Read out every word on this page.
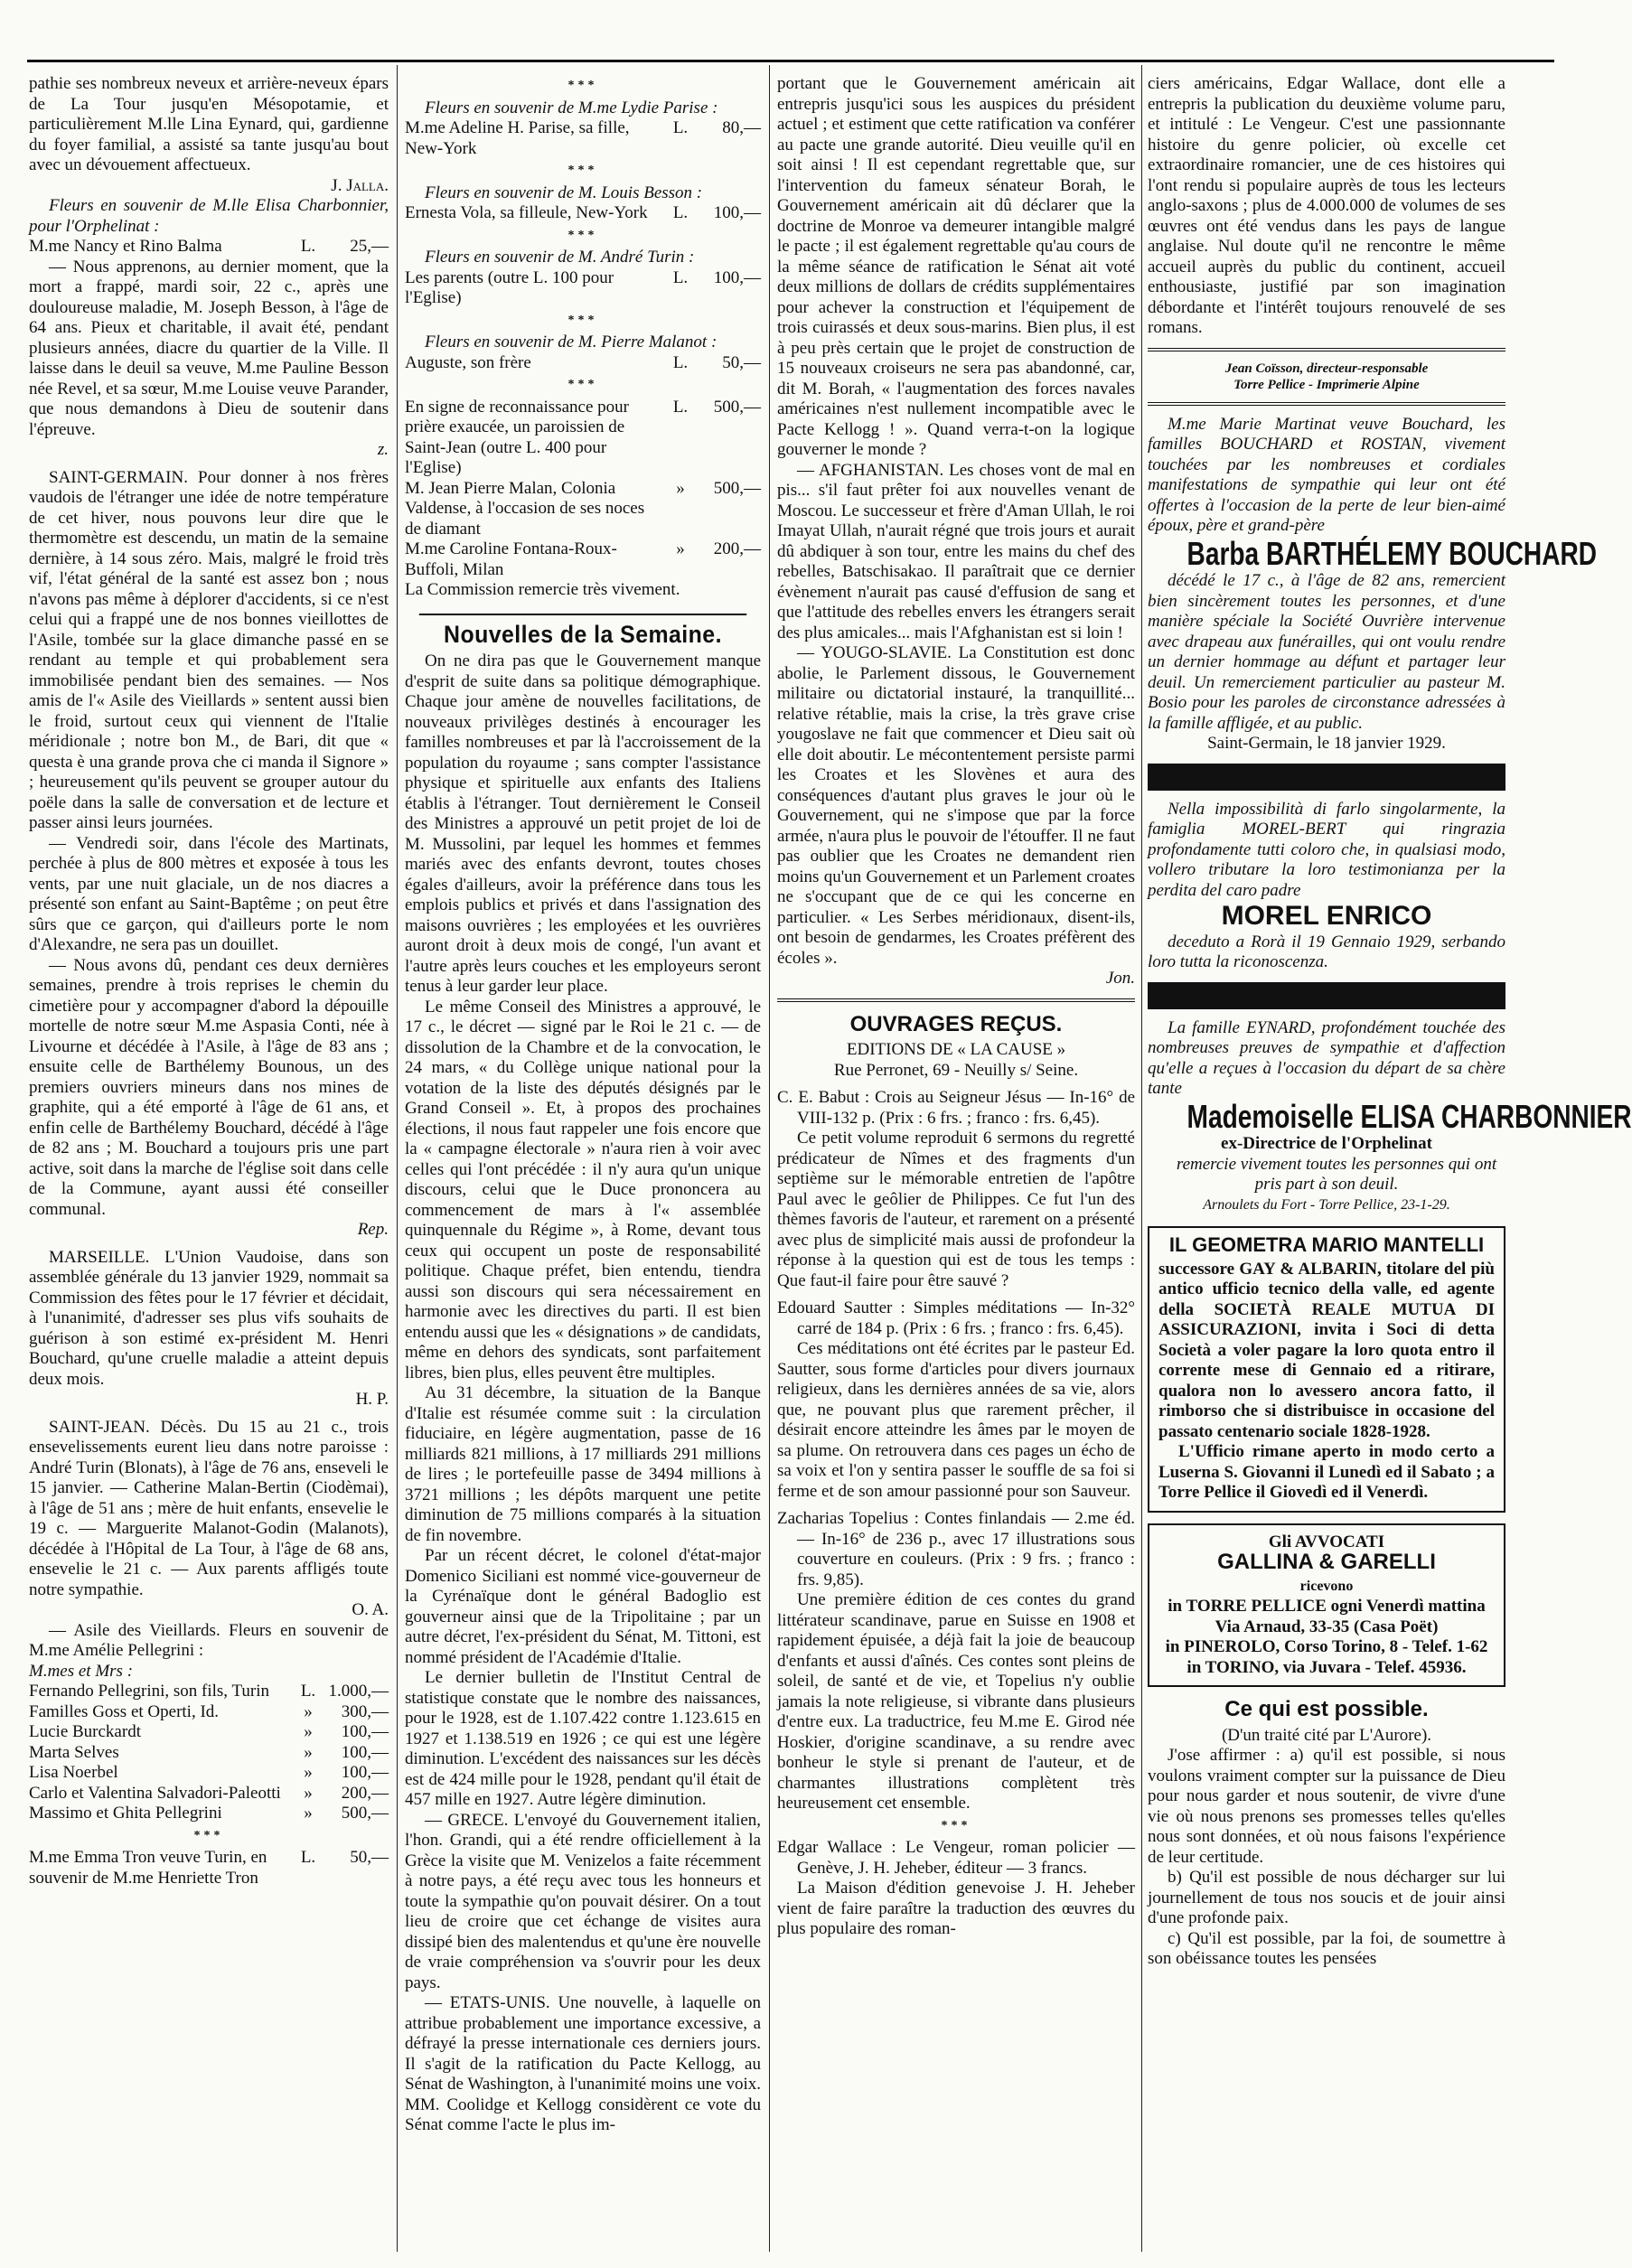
pathie ses nombreux neveux et arrière-neveux épars de La Tour jusqu'en Mésopotamie, et particulièrement M.lle Lina Eynard, qui, gardienne du foyer familial, a assisté sa tante jusqu'au bout avec un dévouement affectueux.

J. Jalla.

Fleurs en souvenir de M.lle Elisa Charbonnier, pour l'Orphelinat :

M.me Nancy et Rino Balma	L.	25,—

— Nous apprenons, au dernier moment, que la mort a frappé, mardi soir, 22 c., après une douloureuse maladie, M. Joseph Besson, à l'âge de 64 ans. Pieux et charitable, il avait été, pendant plusieurs années, diacre du quartier de la Ville. Il laisse dans le deuil sa veuve, M.me Pauline Besson née Revel, et sa sœur, M.me Louise veuve Parander, que nous demandons à Dieu de soutenir dans l'épreuve.

z.

SAINT-GERMAIN. Pour donner à nos frères vaudois de l'étranger une idée de notre température de cet hiver, nous pouvons leur dire que le thermomètre est descendu, un matin de la semaine dernière, à 14 sous zéro. Mais, malgré le froid très vif, l'état général de la santé est assez bon ; nous n'avons pas même à déplorer d'accidents, si ce n'est celui qui a frappé une de nos bonnes vieillottes de l'Asile, tombée sur la glace dimanche passé en se rendant au temple et qui probablement sera immobilisée pendant bien des semaines. — Nos amis de l'« Asile des Vieillards » sentent aussi bien le froid, surtout ceux qui viennent de l'Italie méridionale ; notre bon M., de Bari, dit que « questa è una grande prova che ci manda il Signore » ; heureusement qu'ils peuvent se grouper autour du poële dans la salle de conversation et de lecture et passer ainsi leurs journées.

— Vendredi soir, dans l'école des Martinats, perchée à plus de 800 mètres et exposée à tous les vents, par une nuit glaciale, un de nos diacres a présenté son enfant au Saint-Baptême ; on peut être sûrs que ce garçon, qui d'ailleurs porte le nom d'Alexandre, ne sera pas un douillet.

— Nous avons dû, pendant ces deux dernières semaines, prendre à trois reprises le chemin du cimetière pour y accompagner d'abord la dépouille mortelle de notre sœur M.me Aspasia Conti, née à Livourne et décédée à l'Asile, à l'âge de 83 ans ; ensuite celle de Barthélemy Bounous, un des premiers ouvriers mineurs dans nos mines de graphite, qui a été emporté à l'âge de 61 ans, et enfin celle de Barthélemy Bouchard, décédé à l'âge de 82 ans ; M. Bouchard a toujours pris une part active, soit dans la marche de l'église soit dans celle de la Commune, ayant aussi été conseiller communal.

Rep.

MARSEILLE. L'Union Vaudoise, dans son assemblée générale du 13 janvier 1929, nommait sa Commission des fêtes pour le 17 février et décidait, à l'unanimité, d'adresser ses plus vifs souhaits de guérison à son estimé ex-président M. Henri Bouchard, qu'une cruelle maladie a atteint depuis deux mois.

H. P.

SAINT-JEAN. Décès. Du 15 au 21 c., trois ensevelissements eurent lieu dans notre paroisse : André Turin (Blonats), à l'âge de 76 ans, enseveli le 15 janvier. — Catherine Malan-Bertin (Ciodèmai), à l'âge de 51 ans ; mère de huit enfants, ensevelie le 19 c. — Marguerite Malanot-Godin (Malanots), décédée à l'Hôpital de La Tour, à l'âge de 68 ans, ensevelie le 21 c. — Aux parents affligés toute notre sympathie.

O. A.

— Asile des Vieillards. Fleurs en souvenir de M.me Amélie Pellegrini :

M.mes et Mrs :

Fernando Pellegrini, son fils, Turin	L. 1.000,—
Familles Goss et Operti, Id.	»	300,—
Lucie Burckardt	»	100,—
Marta Selves	»	100,—
Lisa Noerbel	»	100,—
Carlo et Valentina Salvadori-Paleotti	»	200,—
Massimo et Ghita Pellegrini	»	500,—
***
M.me Emma Tron veuve Turin, en souvenir de M.me Henriette Tron
L.	50,—
***

Fleurs en souvenir de M.me Lydie Parise :

M.me Adeline H. Parise, sa fille, New-York
L.	80,—
***

Fleurs en souvenir de M. Louis Besson :

Ernesta Vola, sa filleule, New-York	L.	100,—
***

Fleurs en souvenir de M. André Turin :

Les parents (outre L. 100 pour l'Eglise)
L.	100,—
***

Fleurs en souvenir de M. Pierre Malanot :

Auguste, son frère	L.	50,—
***
En signe de reconnaissance pour prière exaucée, un paroissien de Saint-Jean (outre L. 400 pour l'Eglise)
L.	500,—
M. Jean Pierre Malan, Colonia Valdense, à l'occasion de ses noces de diamant
»	500,—
M.me Caroline Fontana-Roux-Buffoli, Milan
»	200,—

La Commission remercie très vivement.

Nouvelles de la Semaine.

On ne dira pas que le Gouvernement manque d'esprit de suite dans sa politique démographique. Chaque jour amène de nouvelles facilitations, de nouveaux privilèges destinés à encourager les familles nombreuses et par là l'accroissement de la population du royaume ; sans compter l'assistance physique et spirituelle aux enfants des Italiens établis à l'étranger. Tout dernièrement le Conseil des Ministres a approuvé un petit projet de loi de M. Mussolini, par lequel les hommes et femmes mariés avec des enfants devront, toutes choses égales d'ailleurs, avoir la préférence dans tous les emplois publics et privés et dans l'assignation des maisons ouvrières ; les employées et les ouvrières auront droit à deux mois de congé, l'un avant et l'autre après leurs couches et les employeurs seront tenus à leur garder leur place.

Le même Conseil des Ministres a approuvé, le 17 c., le décret — signé par le Roi le 21 c. — de dissolution de la Chambre et de la convocation, le 24 mars, « du Collège unique national pour la votation de la liste des députés désignés par le Grand Conseil ». Et, à propos des prochaines élections, il nous faut rappeler une fois encore que la « campagne électorale » n'aura rien à voir avec celles qui l'ont précédée : il n'y aura qu'un unique discours, celui que le Duce prononcera au commencement de mars à l'« assemblée quinquennale du Régime », à Rome, devant tous ceux qui occupent un poste de responsabilité politique. Chaque préfet, bien entendu, tiendra aussi son discours qui sera nécessairement en harmonie avec les directives du parti. Il est bien entendu aussi que les « désignations » de candidats, même en dehors des syndicats, sont parfaitement libres, bien plus, elles peuvent être multiples.

Au 31 décembre, la situation de la Banque d'Italie est résumée comme suit : la circulation fiduciaire, en légère augmentation, passe de 16 milliards 821 millions, à 17 milliards 291 millions de lires ; le portefeuille passe de 3494 millions à 3721 millions ; les dépôts marquent une petite diminution de 75 millions comparés à la situation de fin novembre.

Par un récent décret, le colonel d'état-major Domenico Siciliani est nommé vice-gouverneur de la Cyrénaïque dont le général Badoglio est gouverneur ainsi que de la Tripolitaine ; par un autre décret, l'ex-président du Sénat, M. Tittoni, est nommé président de l'Académie d'Italie.

Le dernier bulletin de l'Institut Central de statistique constate que le nombre des naissances, pour le 1928, est de 1.107.422 contre 1.123.615 en 1927 et 1.138.519 en 1926 ; ce qui est une légère diminution. L'excédent des naissances sur les décès est de 424 mille pour le 1928, pendant qu'il était de 457 mille en 1927. Autre légère diminution.

— GRECE. L'envoyé du Gouvernement italien, l'hon. Grandi, qui a été rendre officiellement à la Grèce la visite que M. Venizelos a faite récemment à notre pays, a été reçu avec tous les honneurs et toute la sympathie qu'on pouvait désirer. On a tout lieu de croire que cet échange de visites aura dissipé bien des malentendus et qu'une ère nouvelle de vraie compréhension va s'ouvrir pour les deux pays.

— ETATS-UNIS. Une nouvelle, à laquelle on attribue probablement une importance excessive, a défrayé la presse internationale ces derniers jours. Il s'agit de la ratification du Pacte Kellogg, au Sénat de Washington, à l'unanimité moins une voix. MM. Coolidge et Kellogg considèrent ce vote du Sénat comme l'acte le plus im-

portant que le Gouvernement américain ait entrepris jusqu'ici sous les auspices du président actuel ; et estiment que cette ratification va conférer au pacte une grande autorité. Dieu veuille qu'il en soit ainsi ! Il est cependant regrettable que, sur l'intervention du fameux sénateur Borah, le Gouvernement américain ait dû déclarer que la doctrine de Monroe va demeurer intangible malgré le pacte ; il est également regrettable qu'au cours de la même séance de ratification le Sénat ait voté deux millions de dollars de crédits supplémentaires pour achever la construction et l'équipement de trois cuirassés et deux sous-marins. Bien plus, il est à peu près certain que le projet de construction de 15 nouveaux croiseurs ne sera pas abandonné, car, dit M. Borah, « l'augmentation des forces navales américaines n'est nullement incompatible avec le Pacte Kellogg ! ». Quand verra-t-on la logique gouverner le monde ?

— AFGHANISTAN. Les choses vont de mal en pis... s'il faut prêter foi aux nouvelles venant de Moscou. Le successeur et frère d'Aman Ullah, le roi Imayat Ullah, n'aurait régné que trois jours et aurait dû abdiquer à son tour, entre les mains du chef des rebelles, Batschisakao. Il paraîtrait que ce dernier évènement n'aurait pas causé d'effusion de sang et que l'attitude des rebelles envers les étrangers serait des plus amicales... mais l'Afghanistan est si loin !

— YOUGO-SLAVIE. La Constitution est donc abolie, le Parlement dissous, le Gouvernement militaire ou dictatorial instauré, la tranquillité... relative rétablie, mais la crise, la très grave crise yougoslave ne fait que commencer et Dieu sait où elle doit aboutir. Le mécontentement persiste parmi les Croates et les Slovènes et aura des conséquences d'autant plus graves le jour où le Gouvernement, qui ne s'impose que par la force armée, n'aura plus le pouvoir de l'étouffer. Il ne faut pas oublier que les Croates ne demandent rien moins qu'un Gouvernement et un Parlement croates ne s'occupant que de ce qui les concerne en particulier. « Les Serbes méridionaux, disent-ils, ont besoin de gendarmes, les Croates préfèrent des écoles ».

Jon.
OUVRAGES REÇUS.
EDITIONS DE « LA CAUSE »
Rue Perronet, 69 - Neuilly s/ Seine.

C. E. Babut : Crois au Seigneur Jésus — In-16° de VIII-132 p. (Prix : 6 frs. ; franco : frs. 6,45).

Ce petit volume reproduit 6 sermons du regretté prédicateur de Nîmes et des fragments d'un septième sur le mémorable entretien de l'apôtre Paul avec le geôlier de Philippes. Ce fut l'un des thèmes favoris de l'auteur, et rarement on a présenté avec plus de simplicité mais aussi de profondeur la réponse à la question qui est de tous les temps : Que faut-il faire pour être sauvé ?

Edouard Sautter : Simples méditations — In-32° carré de 184 p. (Prix : 6 frs. ; franco : frs. 6,45).

Ces méditations ont été écrites par le pasteur Ed. Sautter, sous forme d'articles pour divers journaux religieux, dans les dernières années de sa vie, alors que, ne pouvant plus que rarement prêcher, il désirait encore atteindre les âmes par le moyen de sa plume. On retrouvera dans ces pages un écho de sa voix et l'on y sentira passer le souffle de sa foi si ferme et de son amour passionné pour son Sauveur.

Zacharias Topelius : Contes finlandais — 2.me éd. — In-16° de 236 p., avec 17 illustrations sous couverture en couleurs. (Prix : 9 frs. ; franco : frs. 9,85).

Une première édition de ces contes du grand littérateur scandinave, parue en Suisse en 1908 et rapidement épuisée, a déjà fait la joie de beaucoup d'enfants et aussi d'aînés. Ces contes sont pleins de soleil, de santé et de vie, et Topelius n'y oublie jamais la note religieuse, si vibrante dans plusieurs d'entre eux. La traductrice, feu M.me E. Girod née Hoskier, d'origine scandinave, a su rendre avec bonheur le style si prenant de l'auteur, et de charmantes illustrations complètent très heureusement cet ensemble.

***

Edgar Wallace : Le Vengeur, roman policier — Genève, J. H. Jeheber, éditeur — 3 francs.

La Maison d'édition genevoise J. H. Jeheber vient de faire paraître la traduction des œuvres du plus populaire des roman-

ciers américains, Edgar Wallace, dont elle a entrepris la publication du deuxième volume paru, et intitulé : Le Vengeur. C'est une passionnante histoire du genre policier, où excelle cet extraordinaire romancier, une de ces histoires qui l'ont rendu si populaire auprès de tous les lecteurs anglo-saxons ; plus de 4.000.000 de volumes de ses œuvres ont été vendus dans les pays de langue anglaise. Nul doute qu'il ne rencontre le même accueil auprès du public du continent, accueil enthousiaste, justifié par son imagination débordante et l'intérêt toujours renouvelé de ses romans.

Jean Coïsson, directeur-responsable
Torre Pellice - Imprimerie Alpine

M.me Marie Martinat veuve Bouchard, les familles BOUCHARD et ROSTAN, vivement touchées par les nombreuses et cordiales manifestations de sympathie qui leur ont été offertes à l'occasion de la perte de leur bien-aimé époux, père et grand-père

Barba BARTHÉLEMY BOUCHARD

décédé le 17 c., à l'âge de 82 ans, remercient bien sincèrement toutes les personnes, et d'une manière spéciale la Société Ouvrière intervenue avec drapeau aux funérailles, qui ont voulu rendre un dernier hommage au défunt et partager leur deuil. Un remerciement particulier au pasteur M. Bosio pour les paroles de circonstance adressées à la famille affligée, et au public.

Saint-Germain, le 18 janvier 1929.

Nella impossibilità di farlo singolarmente, la famiglia MOREL-BERT qui ringrazia profondamente tutti coloro che, in qualsiasi modo, vollero tributare la loro testimonianza per la perdita del caro padre

MOREL ENRICO

deceduto a Rorà il 19 Gennaio 1929, serbando loro tutta la riconoscenza.

La famille EYNARD, profondément touchée des nombreuses preuves de sympathie et d'affection qu'elle a reçues à l'occasion du départ de sa chère tante

Mademoiselle ELISA CHARBONNIER
ex-Directrice de l'Orphelinat

remercie vivement toutes les personnes qui ont pris part à son deuil.

Arnoulets du Fort - Torre Pellice, 23-1-29.
IL GEOMETRA MARIO MANTELLI

successore GAY & ALBARIN, titolare del più antico ufficio tecnico della valle, ed agente della SOCIETÀ REALE MUTUA DI ASSICURAZIONI, invita i Soci di detta Società a voler pagare la loro quota entro il corrente mese di Gennaio ed a ritirare, qualora non lo avessero ancora fatto, il rimborso che si distribuisce in occasione del passato centenario sociale 1828-1928.

L'Ufficio rimane aperto in modo certo a Luserna S. Giovanni il Lunedì ed il Sabato ; a Torre Pellice il Giovedì ed il Venerdì.

Gli AVVOCATI
GALLINA & GARELLI
ricevono

in TORRE PELLICE ogni Venerdì mattina Via Arnaud, 33-35 (Casa Poët)

in PINEROLO, Corso Torino, 8 - Telef. 1-62

in TORINO, via Juvara - Telef. 45936.

Ce qui est possible.
(D'un traité cité par L'Aurore).

J'ose affirmer : a) qu'il est possible, si nous voulons vraiment compter sur la puissance de Dieu pour nous garder et nous soutenir, de vivre d'une vie où nous prenons ses promesses telles qu'elles nous sont données, et où nous faisons l'expérience de leur certitude.

b) Qu'il est possible de nous décharger sur lui journellement de tous nos soucis et de jouir ainsi d'une profonde paix.

c) Qu'il est possible, par la foi, de soumettre à son obéissance toutes les pensées
